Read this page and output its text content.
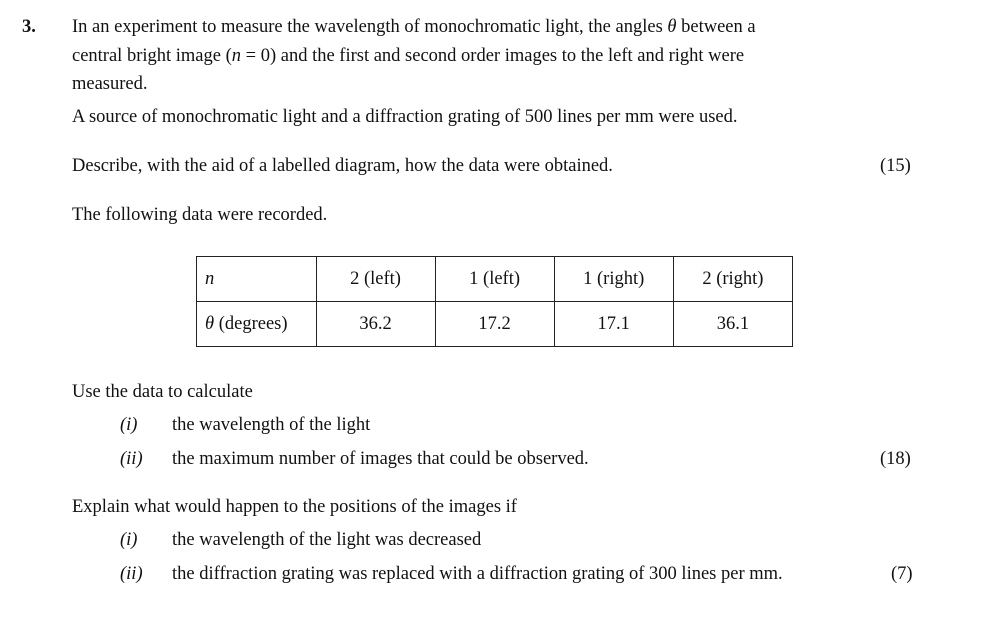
3. In an experiment to measure the wavelength of monochromatic light, the angles θ between a
central bright image (n = 0) and the first and second order images to the left and right were
measured.
A source of monochromatic light and a diffraction grating of 500 lines per mm were used.
Describe, with the aid of a labelled diagram, how the data were obtained.	(15)
The following data were recorded.
n	2 (left)	1 (left)	1 (right)	2 (right)
θ (degrees)	36.2	17.2	17.1	36.1
Use the data to calculate
(i) the wavelength of the light
(ii) the maximum number of images that could be observed.	(18)
Explain what would happen to the positions of the images if
(i) the wavelength of the light was decreased
(ii) the diffraction grating was replaced with a diffraction grating of 300 lines per mm.	(7)
